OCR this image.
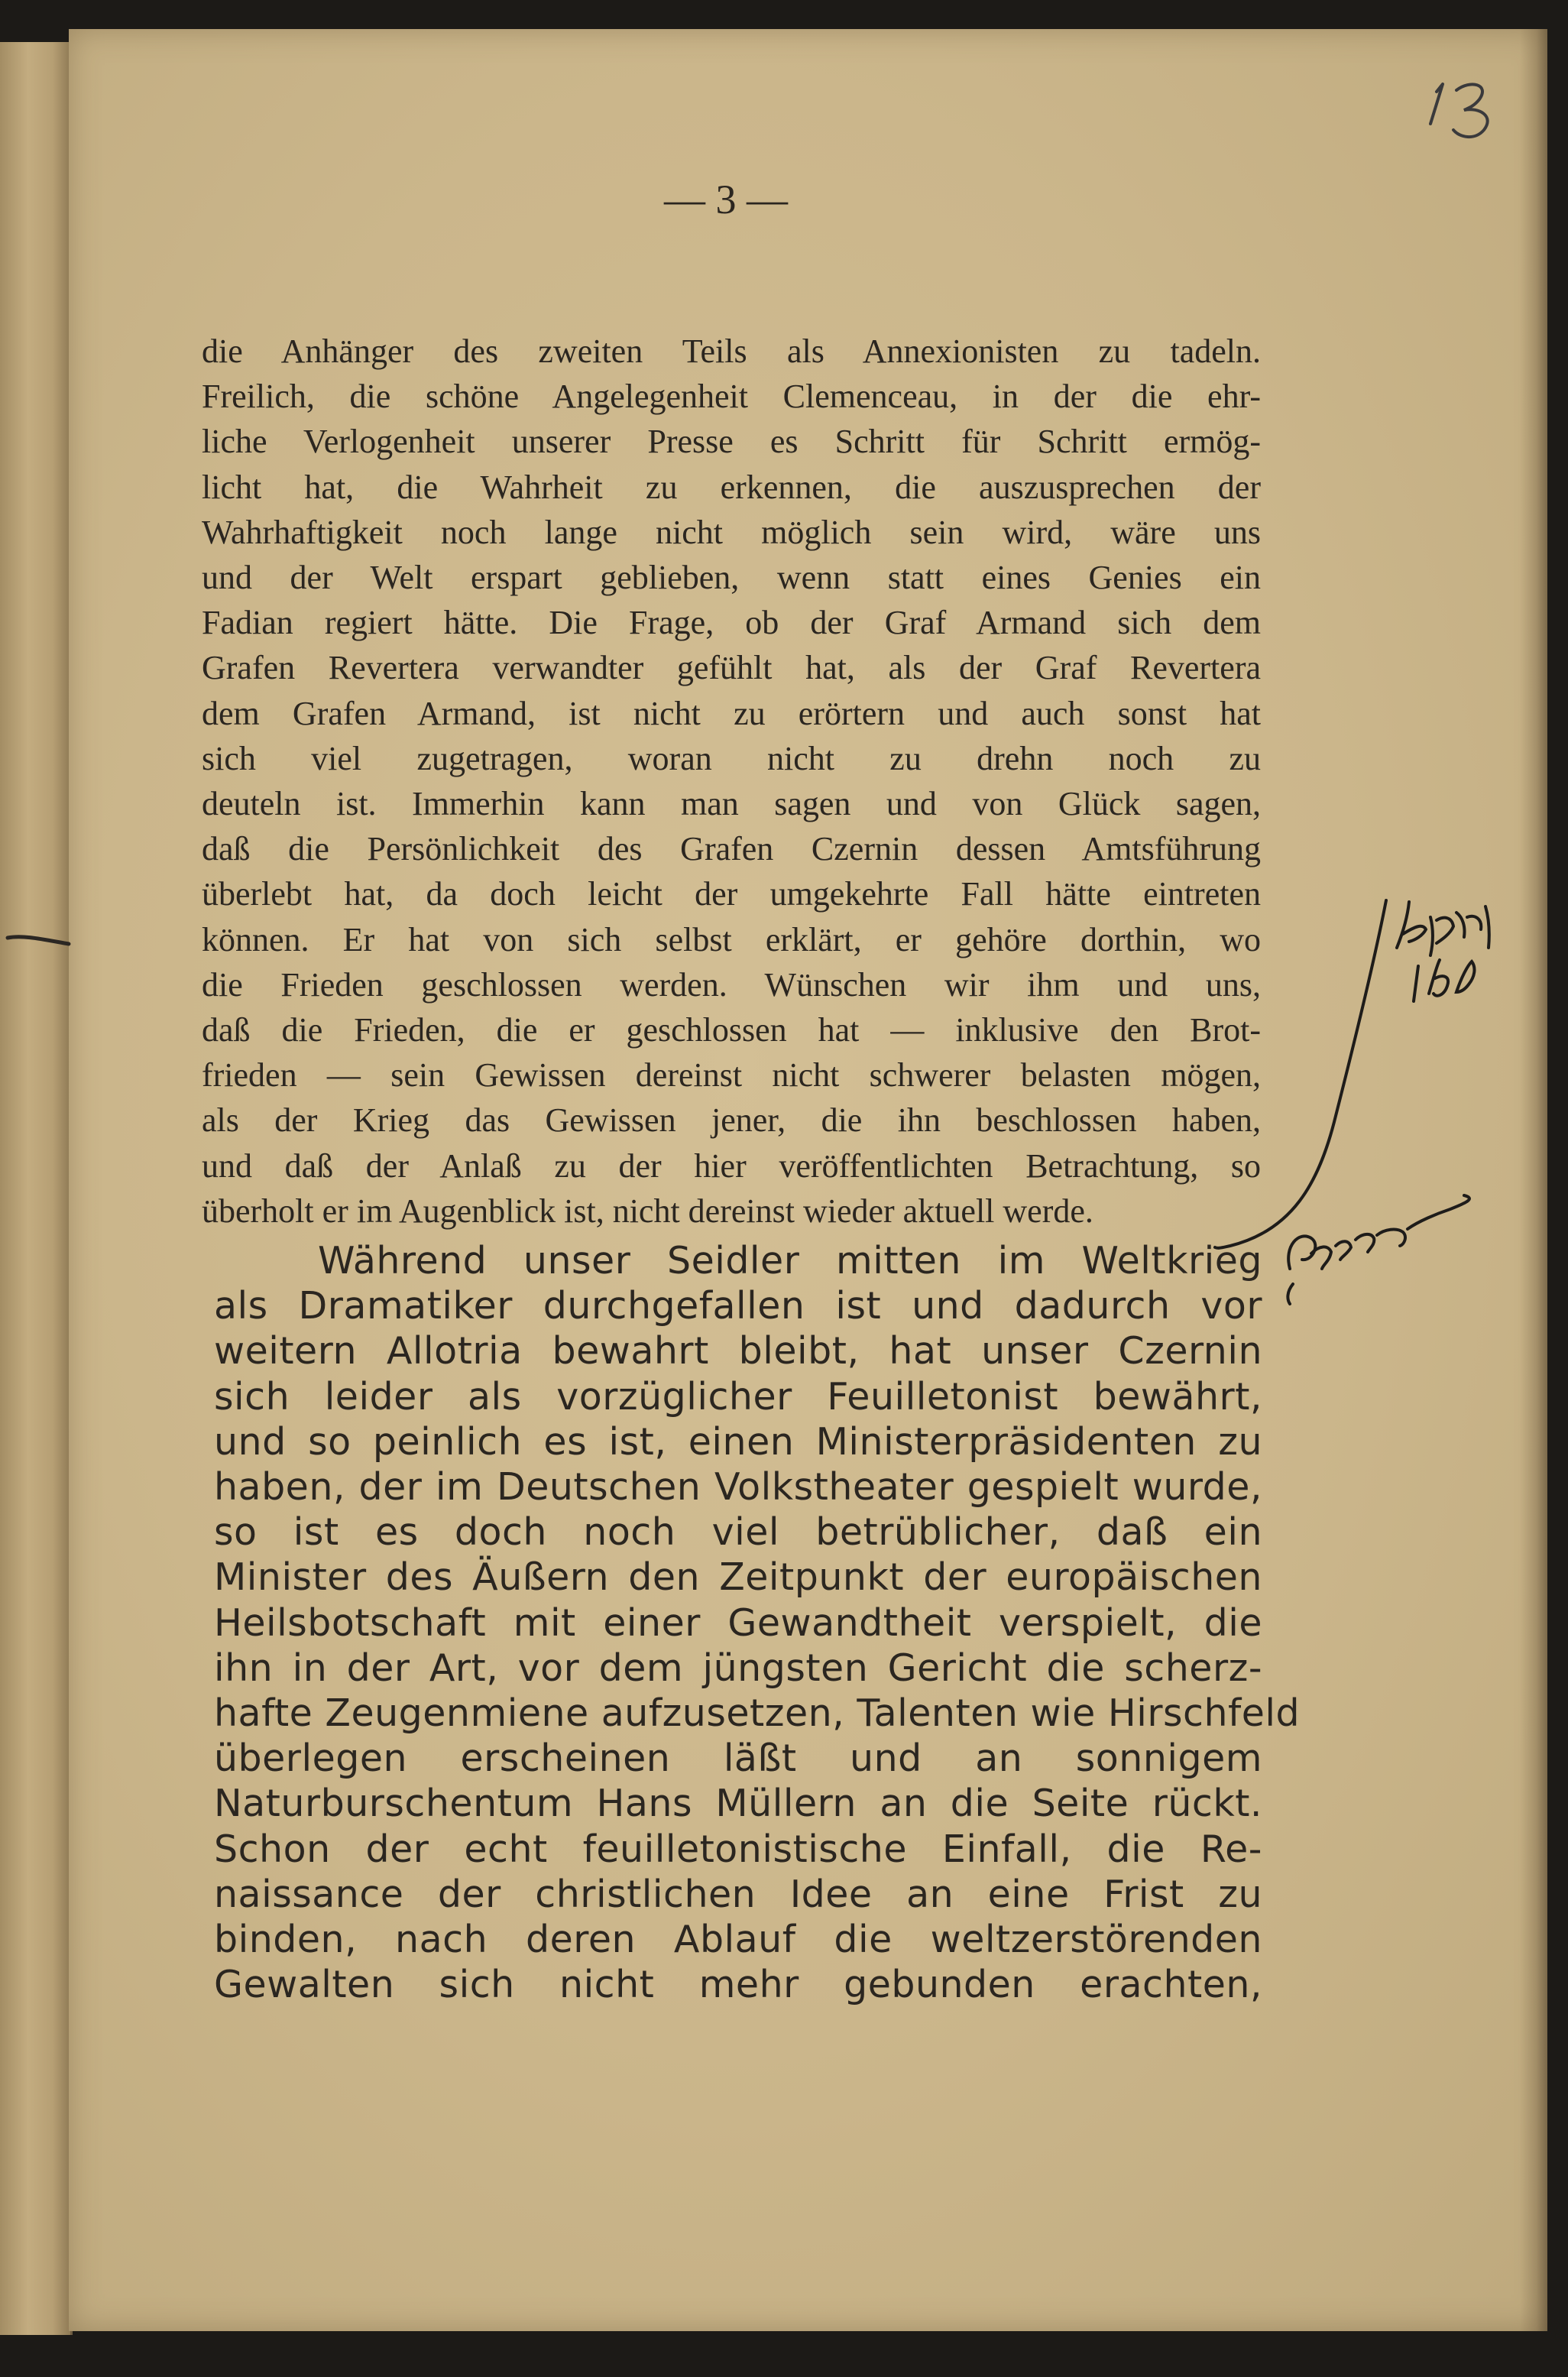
— 3 —
die Anhänger des zweiten Teils als Annexionisten zu tadeln.
Freilich, die schöne Angelegenheit Clemenceau, in der die ehr-
liche Verlogenheit unserer Presse es Schritt für Schritt ermög-
licht hat, die Wahrheit zu erkennen, die auszusprechen der
Wahrhaftigkeit noch lange nicht möglich sein wird, wäre uns
und der Welt erspart geblieben, wenn statt eines Genies ein
Fadian regiert hätte. Die Frage, ob der Graf Armand sich dem
Grafen Revertera verwandter gefühlt hat, als der Graf Revertera
dem Grafen Armand, ist nicht zu erörtern und auch sonst hat
sich viel zugetragen, woran nicht zu drehn noch zu
deuteln ist. Immerhin kann man sagen und von Glück sagen,
daß die Persönlichkeit des Grafen Czernin dessen Amtsführung
überlebt hat, da doch leicht der umgekehrte Fall hätte eintreten
können. Er hat von sich selbst erklärt, er gehöre dorthin, wo
die Frieden geschlossen werden. Wünschen wir ihm und uns,
daß die Frieden, die er geschlossen hat — inklusive den Brot-
frieden — sein Gewissen dereinst nicht schwerer belasten mögen,
als der Krieg das Gewissen jener, die ihn beschlossen haben,
und daß der Anlaß zu der hier veröffentlichten Betrachtung, so
überholt er im Augenblick ist, nicht dereinst wieder aktuell werde.
Während unser Seidler mitten im Weltkrieg
als Dramatiker durchgefallen ist und dadurch vor
weitern Allotria bewahrt bleibt, hat unser Czernin
sich leider als vorzüglicher Feuilletonist bewährt,
und so peinlich es ist, einen Ministerpräsidenten zu
haben, der im Deutschen Volkstheater gespielt wurde,
so ist es doch noch viel betrüblicher, daß ein
Minister des Äußern den Zeitpunkt der europäischen
Heilsbotschaft mit einer Gewandtheit verspielt, die
ihn in der Art, vor dem jüngsten Gericht die scherz-
hafte Zeugenmiene aufzusetzen, Talenten wie Hirschfeld
überlegen erscheinen läßt und an sonnigem
Naturburschentum Hans Müllern an die Seite rückt.
Schon der echt feuilletonistische Einfall, die Re-
naissance der christlichen Idee an eine Frist zu
binden, nach deren Ablauf die weltzerstörenden
Gewalten sich nicht mehr gebunden erachten,
